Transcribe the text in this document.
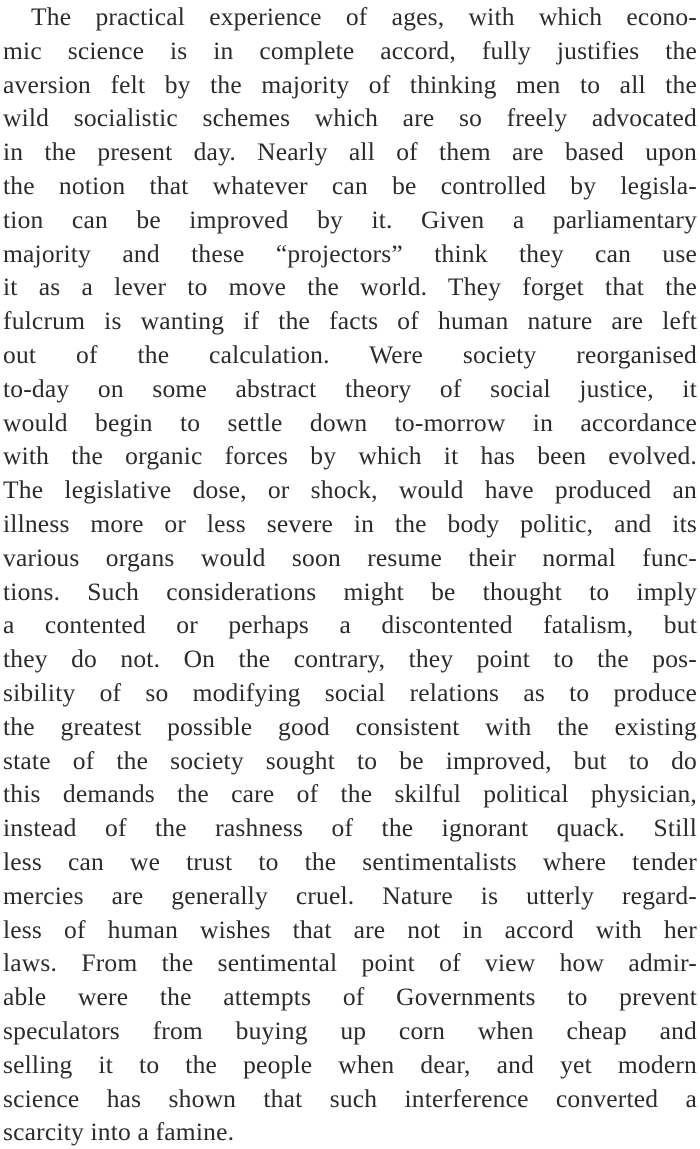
The practical experience of ages, with which econo-
mic science is in complete accord, fully justifies the
aversion felt by the majority of thinking men to all the
wild socialistic schemes which are so freely advocated
in the present day. Nearly all of them are based upon
the notion that whatever can be controlled by legisla-
tion can be improved by it. Given a parliamentary
majority and these “projectors” think they can use
it as a lever to move the world. They forget that the
fulcrum is wanting if the facts of human nature are left
out of the calculation. Were society reorganised
to-day on some abstract theory of social justice, it
would begin to settle down to-morrow in accordance
with the organic forces by which it has been evolved.
The legislative dose, or shock, would have produced an
illness more or less severe in the body politic, and its
various organs would soon resume their normal func-
tions. Such considerations might be thought to imply
a contented or perhaps a discontented fatalism, but
they do not. On the contrary, they point to the pos-
sibility of so modifying social relations as to produce
the greatest possible good consistent with the existing
state of the society sought to be improved, but to do
this demands the care of the skilful political physician,
instead of the rashness of the ignorant quack. Still
less can we trust to the sentimentalists where tender
mercies are generally cruel. Nature is utterly regard-
less of human wishes that are not in accord with her
laws. From the sentimental point of view how admir-
able were the attempts of Governments to prevent
speculators from buying up corn when cheap and
selling it to the people when dear, and yet modern
science has shown that such interference converted a
scarcity into a famine.
